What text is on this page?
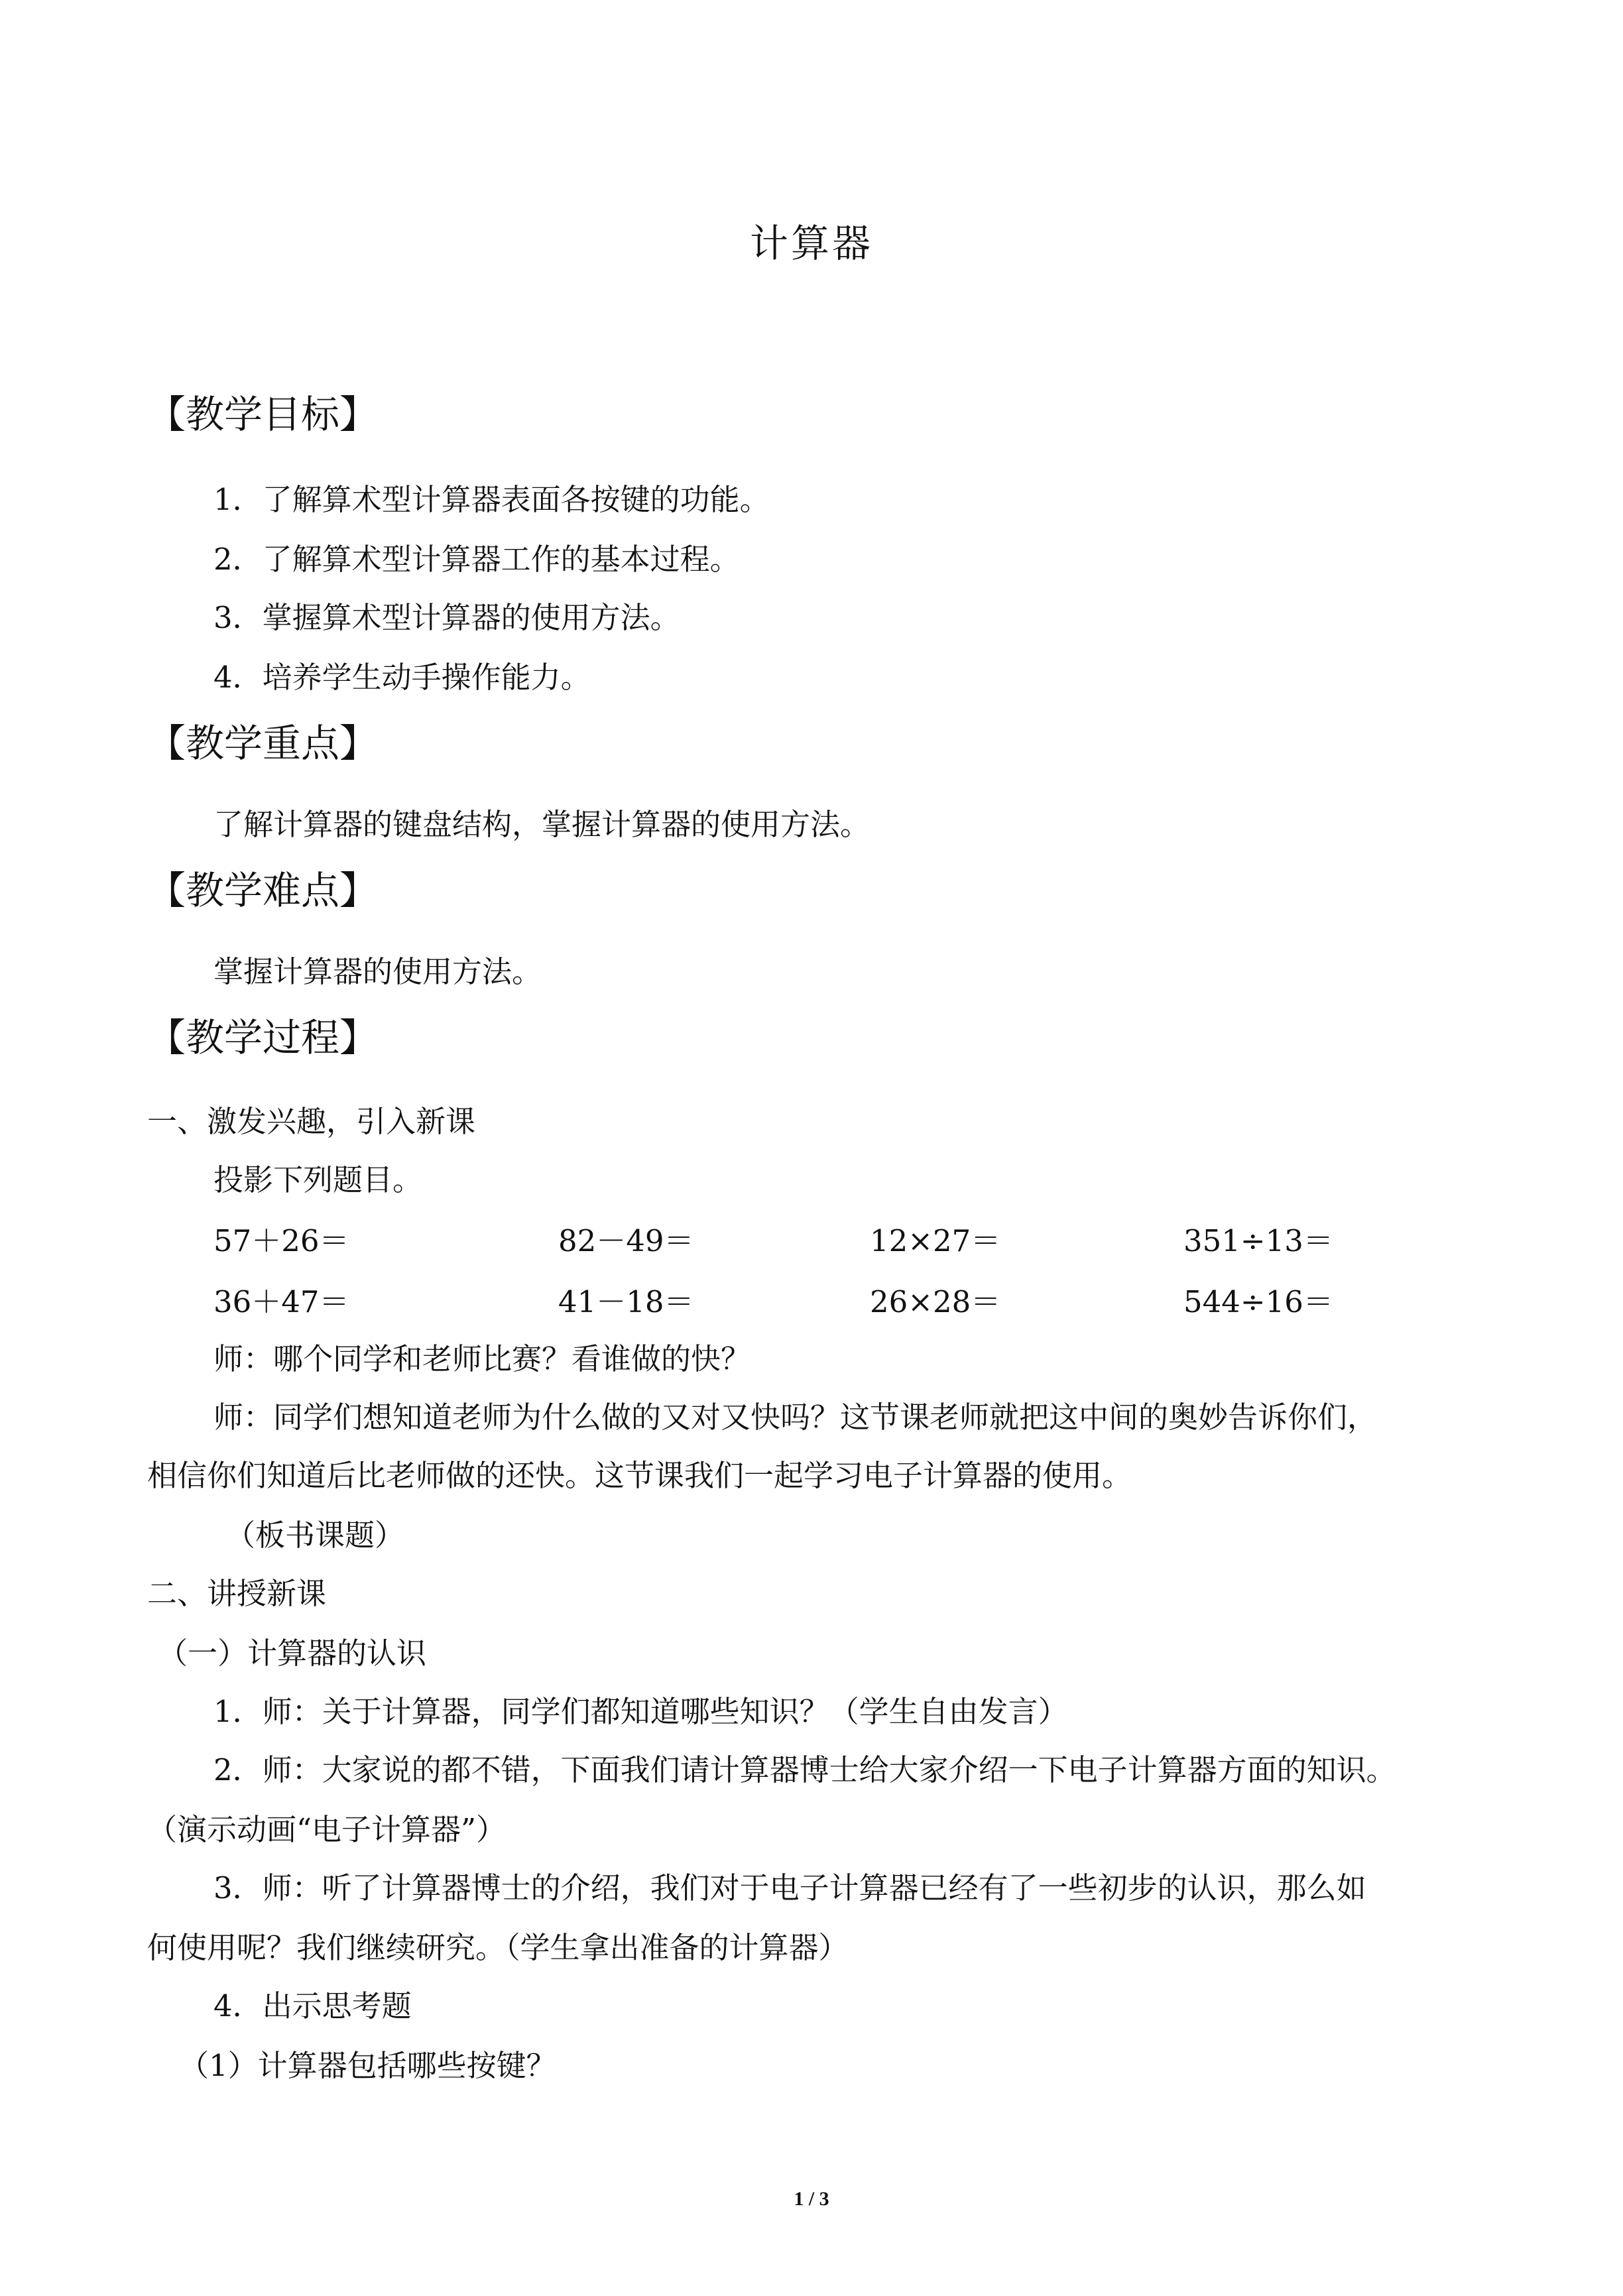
计算器
【教学目标】
1．了解算术型计算器表面各按键的功能。
2．了解算术型计算器工作的基本过程。
3．掌握算术型计算器的使用方法。
4．培养学生动手操作能力。
【教学重点】
了解计算器的键盘结构，掌握计算器的使用方法。
【教学难点】
掌握计算器的使用方法。
【教学过程】
一、激发兴趣，引入新课
投影下列题目。
57＋26＝	82－49＝	12×27＝	351÷13＝
36＋47＝	41－18＝	26×28＝	544÷16＝
师：哪个同学和老师比赛？看谁做的快？
师：同学们想知道老师为什么做的又对又快吗？这节课老师就把这中间的奥妙告诉你们，
相信你们知道后比老师做的还快。这节课我们一起学习电子计算器的使用。
（板书课题）
二、讲授新课
（一）计算器的认识
1．师：关于计算器，同学们都知道哪些知识？（学生自由发言）
2．师：大家说的都不错，下面我们请计算器博士给大家介绍一下电子计算器方面的知识。
（演示动画“电子计算器”）
3．师：听了计算器博士的介绍，我们对于电子计算器已经有了一些初步的认识，那么如
何使用呢？我们继续研究。（学生拿出准备的计算器）
4．出示思考题
（1）计算器包括哪些按键？
1 / 3
